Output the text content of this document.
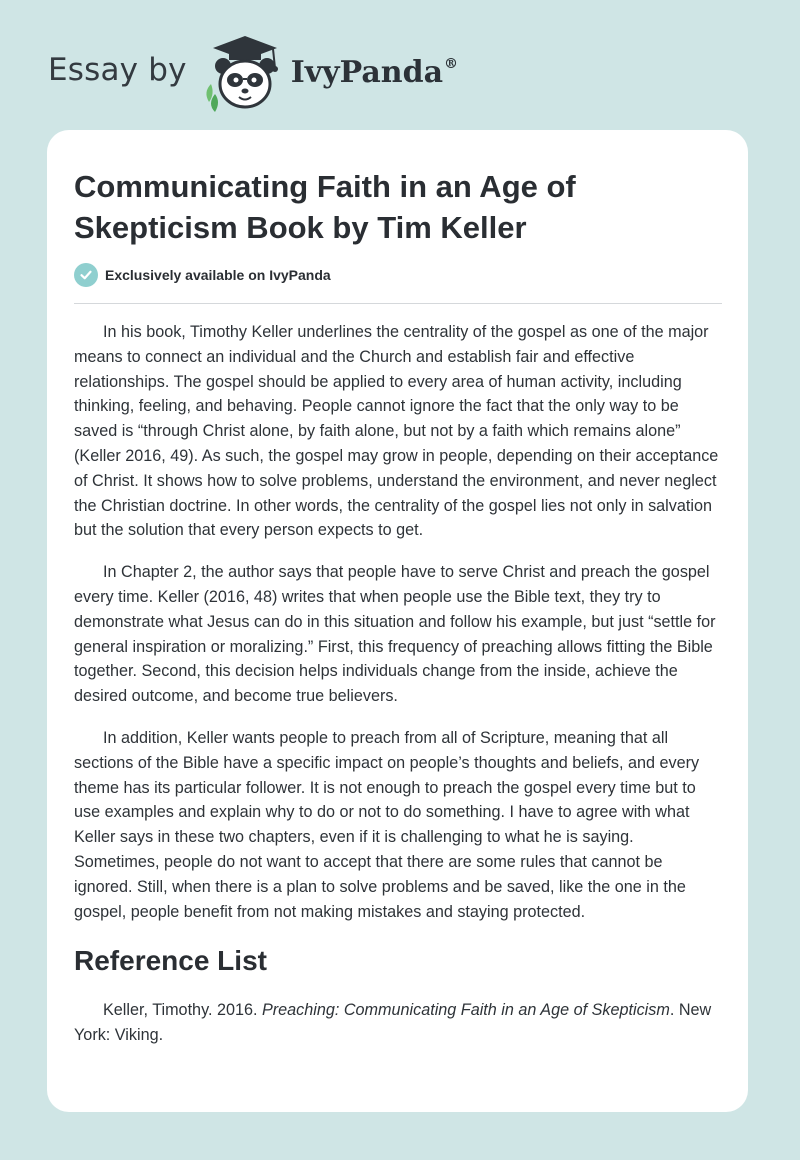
Essay by	IvyPanda®
Communicating Faith in an Age of Skepticism Book by Tim Keller
Exclusively available on IvyPanda

In his book, Timothy Keller underlines the centrality of the gospel as one of the major means to connect an individual and the Church and establish fair and effective relationships. The gospel should be applied to every area of human activity, including thinking, feeling, and behaving. People cannot ignore the fact that the only way to be saved is “through Christ alone, by faith alone, but not by a faith which remains alone” (Keller 2016, 49). As such, the gospel may grow in people, depending on their acceptance of Christ. It shows how to solve problems, understand the environment, and never neglect the Christian doctrine. In other words, the centrality of the gospel lies not only in salvation but the solution that every person expects to get.

In Chapter 2, the author says that people have to serve Christ and preach the gospel every time. Keller (2016, 48) writes that when people use the Bible text, they try to demonstrate what Jesus can do in this situation and follow his example, but just “settle for general inspiration or moralizing.” First, this frequency of preaching allows fitting the Bible together. Second, this decision helps individuals change from the inside, achieve the desired outcome, and become true believers.

In addition, Keller wants people to preach from all of Scripture, meaning that all sections of the Bible have a specific impact on people’s thoughts and beliefs, and every theme has its particular follower. It is not enough to preach the gospel every time but to use examples and explain why to do or not to do something. I have to agree with what Keller says in these two chapters, even if it is challenging to what he is saying. Sometimes, people do not want to accept that there are some rules that cannot be ignored. Still, when there is a plan to solve problems and be saved, like the one in the gospel, people benefit from not making mistakes and staying protected.

Reference List

Keller, Timothy. 2016. Preaching: Communicating Faith in an Age of Skepticism. New York: Viking.
